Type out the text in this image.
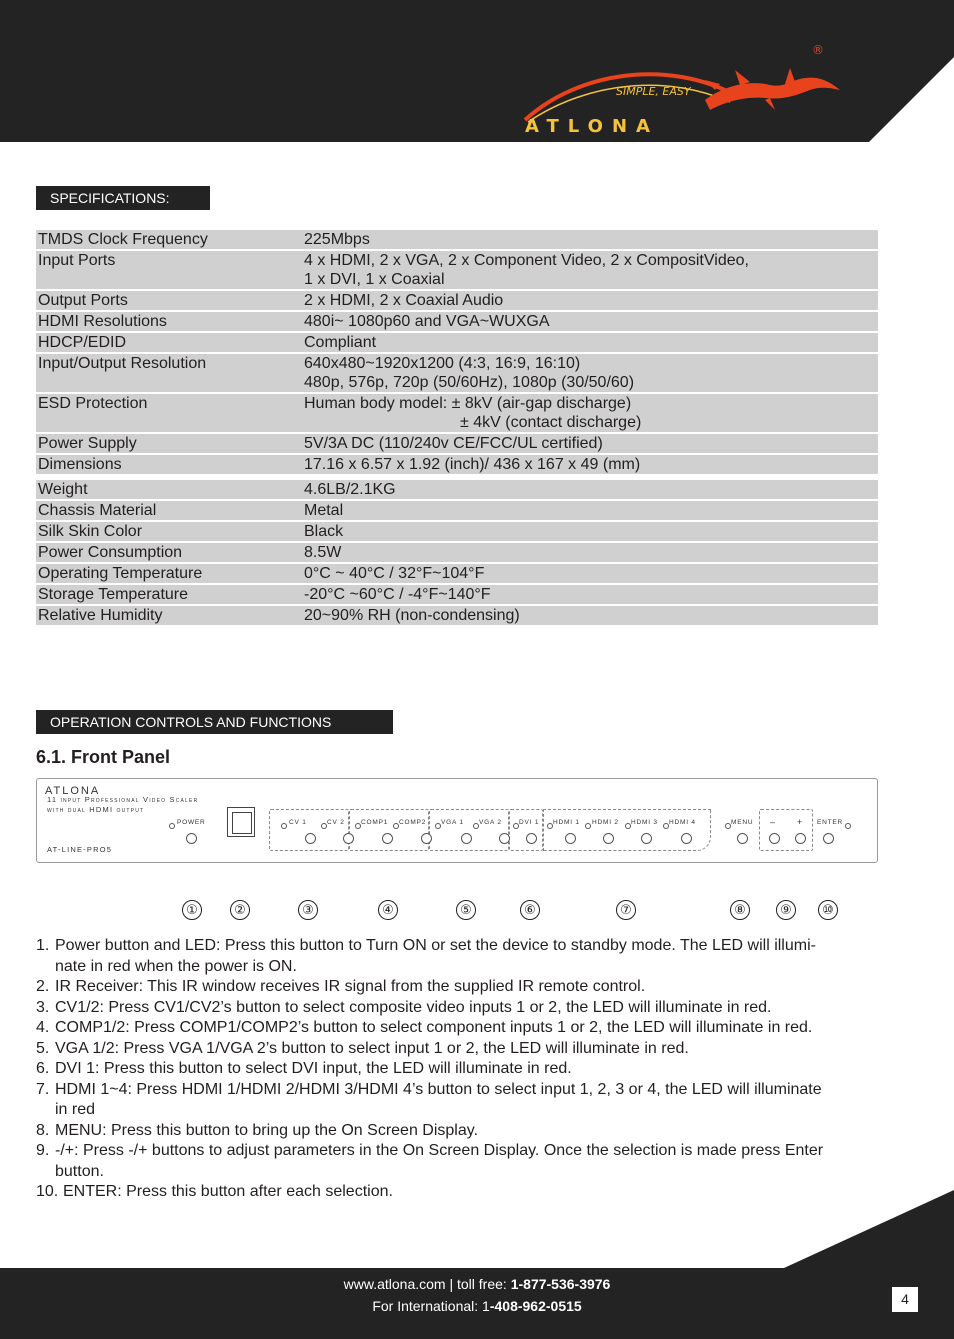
SIMPLE, EASY
ATLONA
®
SPECIFICATIONS:
TMDS Clock Frequency	225Mbps
Input Ports	4 x HDMI, 2 x VGA, 2 x Component Video, 2 x CompositVideo,
1 x DVI, 1 x Coaxial
Output Ports	2 x HDMI, 2 x Coaxial Audio
HDMI Resolutions	480i~ 1080p60 and VGA~WUXGA
HDCP/EDID	Compliant
Input/Output Resolution	640x480~1920x1200 (4:3, 16:9, 16:10)
480p, 576p, 720p (50/60Hz), 1080p (30/50/60)
ESD Protection	Human body model: ± 8kV (air-gap discharge)
± 4kV (contact discharge)
Power Supply	5V/3A DC (110/240v CE/FCC/UL certified)
Dimensions	17.16 x 6.57 x 1.92 (inch)/ 436 x 167 x 49 (mm)
Weight	4.6LB/2.1KG
Chassis Material	Metal
Silk Skin Color	Black
Power Consumption	8.5W
Operating Temperature	0°C ~ 40°C / 32°F~104°F
Storage Temperature	-20°C ~60°C / -4°F~140°F
Relative Humidity	20~90% RH (non-condensing)
OPERATION CONTROLS AND FUNCTIONS
6.1. Front Panel
ATLONA
11 input Professional Video Scaler
with dual HDMI output
AT-LINE-PRO5
POWER	CV 1	CV 2	COMP1 COMP2 VGA 1 VGA 2	DVI 1 HDMI 1 HDMI 2 HDMI 3 HDMI 4	MENU – + ENTER
①	②	③	④	⑤	⑥	⑦	⑧	⑨	⑩
1. Power button and LED: Press this button to Turn ON or set the device to standby mode. The LED will illumi-
nate in red when the power is ON.
2. IR Receiver: This IR window receives IR signal from the supplied IR remote control.
3. CV1/2: Press CV1/CV2’s button to select composite video inputs 1 or 2, the LED will illuminate in red.
4. COMP1/2: Press COMP1/COMP2’s button to select component inputs 1 or 2, the LED will illuminate in red.
5. VGA 1/2: Press VGA 1/VGA 2’s button to select input 1 or 2, the LED will illuminate in red.
6. DVI 1: Press this button to select DVI input, the LED will illuminate in red.
7. HDMI 1~4: Press HDMI 1/HDMI 2/HDMI 3/HDMI 4’s button to select input 1, 2, 3 or 4, the LED will illuminate
in red
8. MENU: Press this button to bring up the On Screen Display.
9. -/+: Press -/+ buttons to adjust parameters in the On Screen Display. Once the selection is made press Enter
button.
10. ENTER: Press this button after each selection.
www.atlona.com | toll free: 1-877-536-3976
For International: 1-408-962-0515	4
